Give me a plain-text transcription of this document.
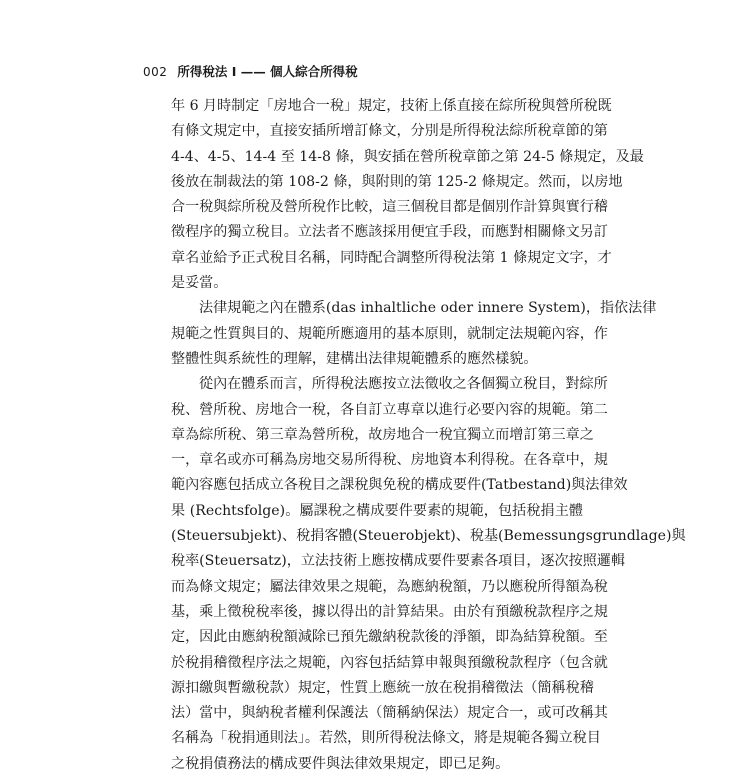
002 所得稅法 I —— 個人綜合所得稅
年 6 月時制定「房地合一稅」規定，技術上係直接在綜所稅與營所稅既
有條文規定中，直接安插所增訂條文，分別是所得稅法綜所稅章節的第
4-4、4-5、14-4 至 14-8 條，與安插在營所稅章節之第 24-5 條規定，及最
後放在制裁法的第 108-2 條，與附則的第 125-2 條規定。然而，以房地
合一稅與綜所稅及營所稅作比較，這三個稅目都是個別作計算與實行稽
徵程序的獨立稅目。立法者不應該採用便宜手段，而應對相關條文另訂
章名並給予正式稅目名稱，同時配合調整所得稅法第 1 條規定文字，才
是妥當。
法律規範之內在體系(das inhaltliche oder innere System)，指依法律
規範之性質與目的、規範所應適用的基本原則，就制定法規範內容，作
整體性與系統性的理解，建構出法律規範體系的應然樣貌。
從內在體系而言，所得稅法應按立法徵收之各個獨立稅目，對綜所
稅、營所稅、房地合一稅，各自訂立專章以進行必要內容的規範。第二
章為綜所稅、第三章為營所稅，故房地合一稅宜獨立而增訂第三章之
一，章名或亦可稱為房地交易所得稅、房地資本利得稅。在各章中，規
範內容應包括成立各稅目之課稅與免稅的構成要件(Tatbestand)與法律效
果 (Rechtsfolge)。屬課稅之構成要件要素的規範，包括稅捐主體
(Steuersubjekt)、稅捐客體(Steuerobjekt)、稅基(Bemessungsgrundlage)與
稅率(Steuersatz)，立法技術上應按構成要件要素各項目，逐次按照邏輯
而為條文規定；屬法律效果之規範，為應納稅額，乃以應稅所得額為稅
基，乘上徵稅稅率後，據以得出的計算結果。由於有預繳稅款程序之規
定，因此由應納稅額減除已預先繳納稅款後的淨額，即為結算稅額。至
於稅捐稽徵程序法之規範，內容包括結算申報與預繳稅款程序（包含就
源扣繳與暫繳稅款）規定，性質上應統一放在稅捐稽徵法（簡稱稅稽
法）當中，與納稅者權利保護法（簡稱納保法）規定合一，或可改稱其
名稱為「稅捐通則法」。若然，則所得稅法條文，將是規範各獨立稅目
之稅捐債務法的構成要件與法律效果規定，即已足夠。
